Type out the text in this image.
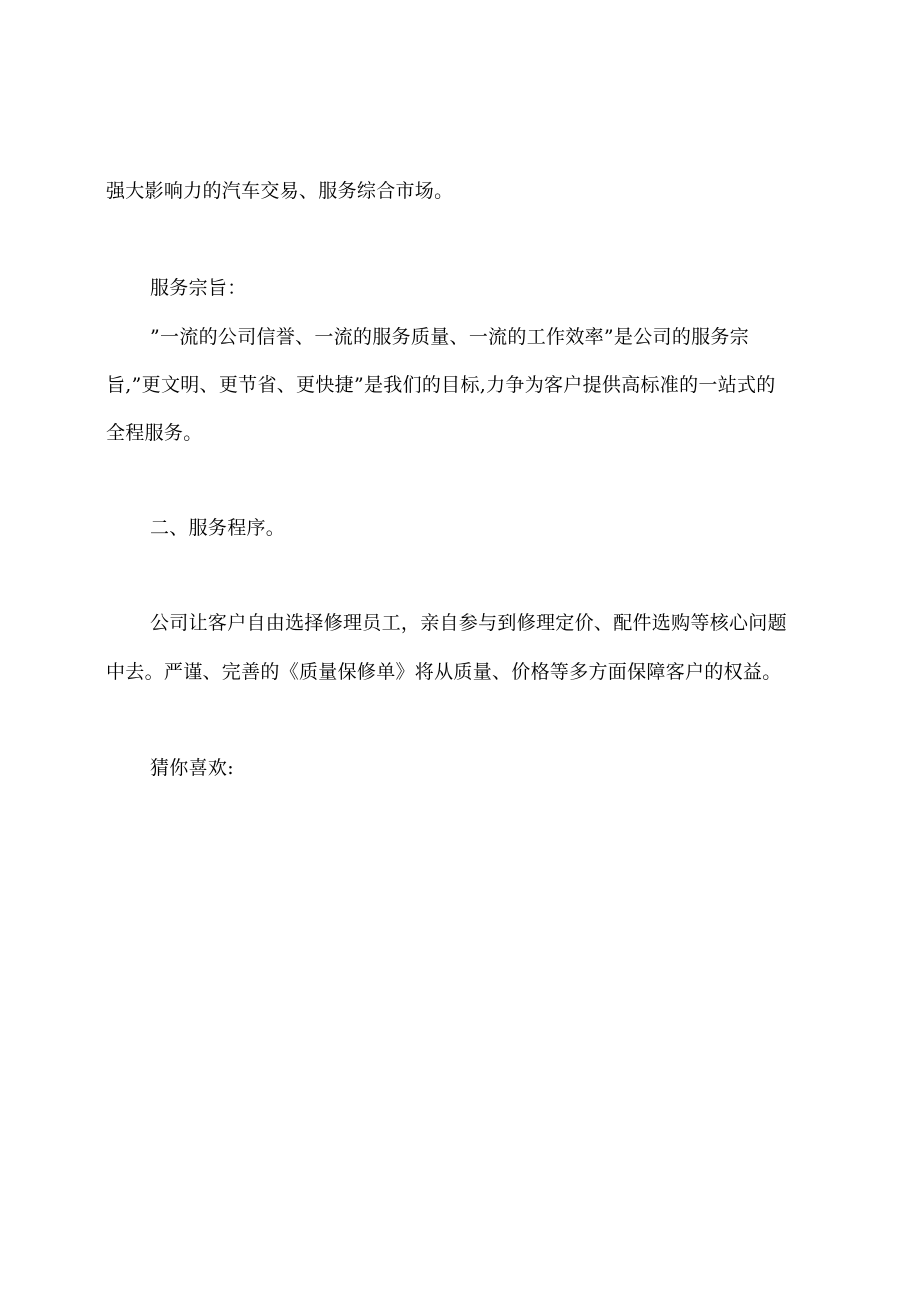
强大影响力的汽车交易、服务综合市场。
服务宗旨：
”一流的公司信誉、一流的服务质量、一流的工作效率”是公司的服务宗
旨,”更文明、更节省、更快捷”是我们的目标,力争为客户提供高标准的一站式的
全程服务。
二、服务程序。
公司让客户自由选择修理员工，亲自参与到修理定价、配件选购等核心问题
中去。严谨、完善的《质量保修单》将从质量、价格等多方面保障客户的权益。
猜你喜欢:
